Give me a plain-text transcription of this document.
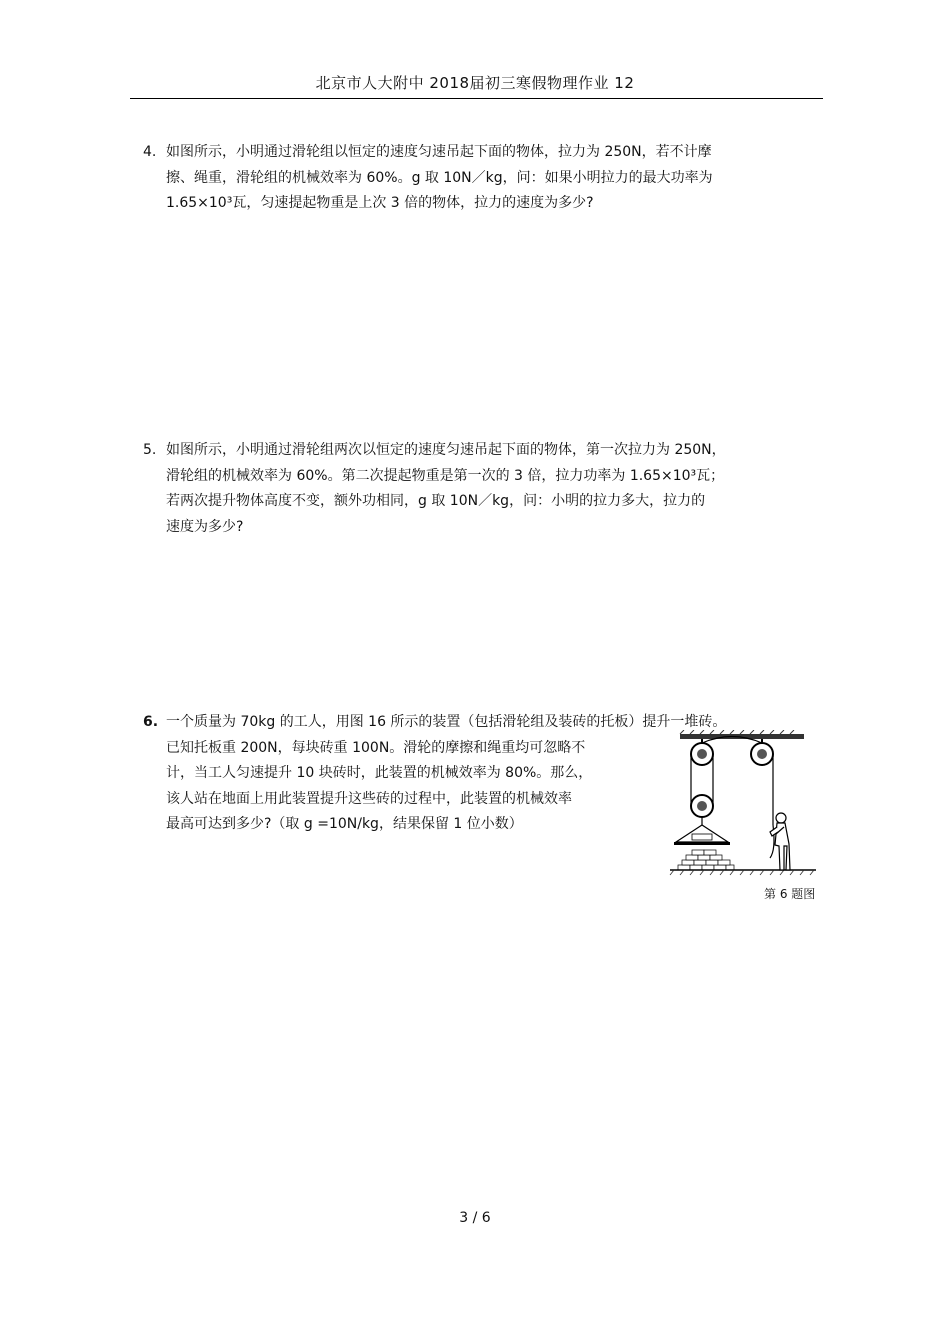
北京市人大附中 2018届初三寒假物理作业 12
4. 如图所示，小明通过滑轮组以恒定的速度匀速吊起下面的物体，拉力为 250N，若不计摩
擦、绳重，滑轮组的机械效率为 60%。g 取 10N／kg，问：如果小明拉力的最大功率为
1.65×10³瓦，匀速提起物重是上次 3 倍的物体，拉力的速度为多少?
5. 如图所示，小明通过滑轮组两次以恒定的速度匀速吊起下面的物体，第一次拉力为 250N，
滑轮组的机械效率为 60%。第二次提起物重是第一次的 3 倍，拉力功率为 1.65×10³瓦；
若两次提升物体高度不变，额外功相同，g 取 10N／kg，问：小明的拉力多大，拉力的
速度为多少?
6. 一个质量为 70kg 的工人，用图 16 所示的装置（包括滑轮组及装砖的托板）提升一堆砖。
已知托板重 200N，每块砖重 100N。滑轮的摩擦和绳重均可忽略不
计，当工人匀速提升 10 块砖时，此装置的机械效率为 80%。那么，
该人站在地面上用此装置提升这些砖的过程中，此装置的机械效率
最高可达到多少?（取 g =10N/kg，结果保留 1 位小数）
第 6 题图
3 / 6
